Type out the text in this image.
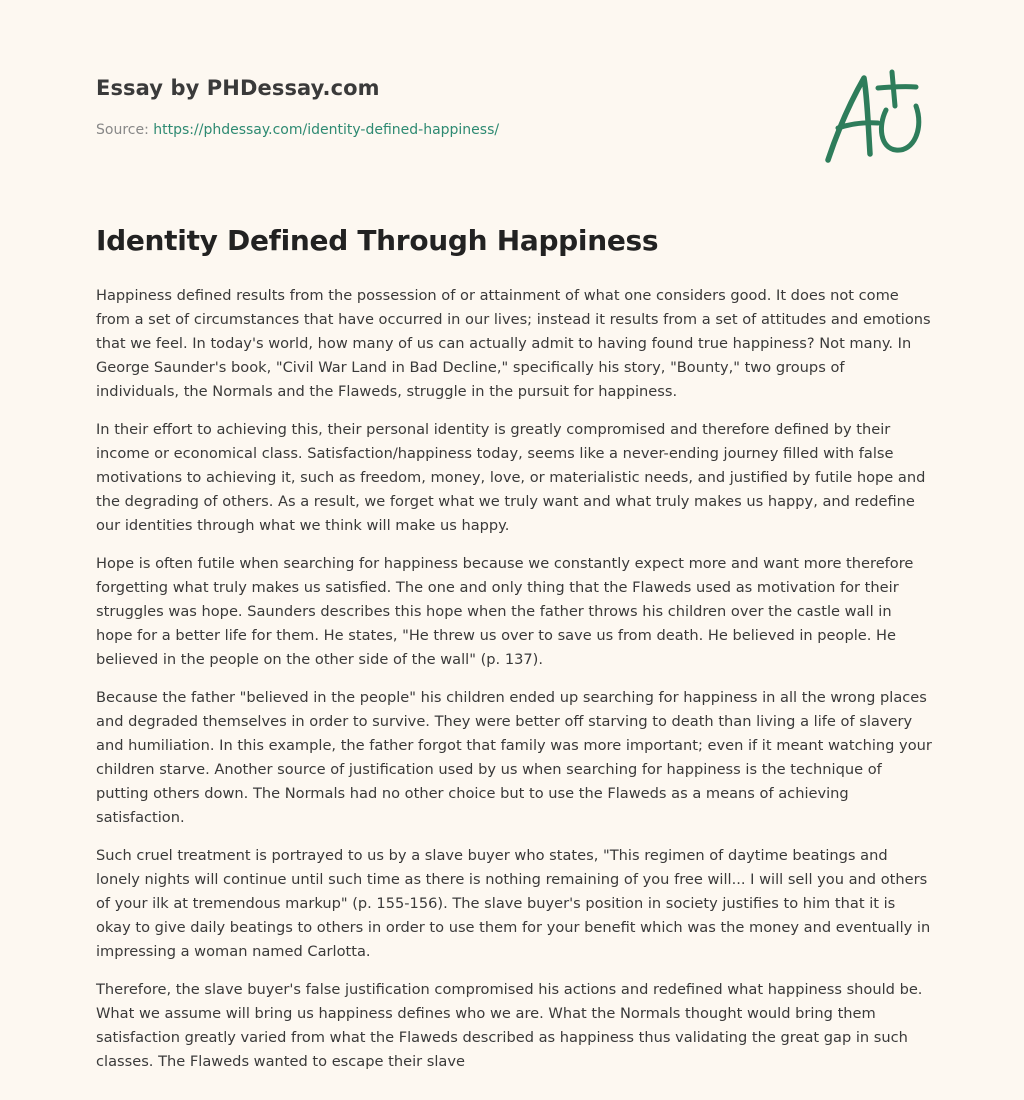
Essay by PHDessay.com
Source: https://phdessay.com/identity-defined-happiness/
Identity Defined Through Happiness

Happiness defined results from the possession of or attainment of what one considers good. It does not come from a set of circumstances that have occurred in our lives; instead it results from a set of attitudes and emotions that we feel. In today's world, how many of us can actually admit to having found true happiness? Not many. In George Saunder's book, "Civil War Land in Bad Decline," specifically his story, "Bounty," two groups of individuals, the Normals and the Flaweds, struggle in the pursuit for happiness.

In their effort to achieving this, their personal identity is greatly compromised and therefore defined by their income or economical class. Satisfaction/happiness today, seems like a never-ending journey filled with false motivations to achieving it, such as freedom, money, love, or materialistic needs, and justified by futile hope and the degrading of others. As a result, we forget what we truly want and what truly makes us happy, and redefine our identities through what we think will make us happy.

Hope is often futile when searching for happiness because we constantly expect more and want more therefore forgetting what truly makes us satisfied. The one and only thing that the Flaweds used as motivation for their struggles was hope. Saunders describes this hope when the father throws his children over the castle wall in hope for a better life for them. He states, "He threw us over to save us from death. He believed in people. He believed in the people on the other side of the wall" (p. 137).

Because the father "believed in the people" his children ended up searching for happiness in all the wrong places and degraded themselves in order to survive. They were better off starving to death than living a life of slavery and humiliation. In this example, the father forgot that family was more important; even if it meant watching your children starve. Another source of justification used by us when searching for happiness is the technique of putting others down. The Normals had no other choice but to use the Flaweds as a means of achieving satisfaction.

Such cruel treatment is portrayed to us by a slave buyer who states, "This regimen of daytime beatings and lonely nights will continue until such time as there is nothing remaining of you free will... I will sell you and others of your ilk at tremendous markup" (p. 155-156). The slave buyer's position in society justifies to him that it is okay to give daily beatings to others in order to use them for your benefit which was the money and eventually in impressing a woman named Carlotta.

Therefore, the slave buyer's false justification compromised his actions and redefined what happiness should be. What we assume will bring us happiness defines who we are. What the Normals thought would bring them satisfaction greatly varied from what the Flaweds described as happiness thus validating the great gap in such classes. The Flaweds wanted to escape their slave
